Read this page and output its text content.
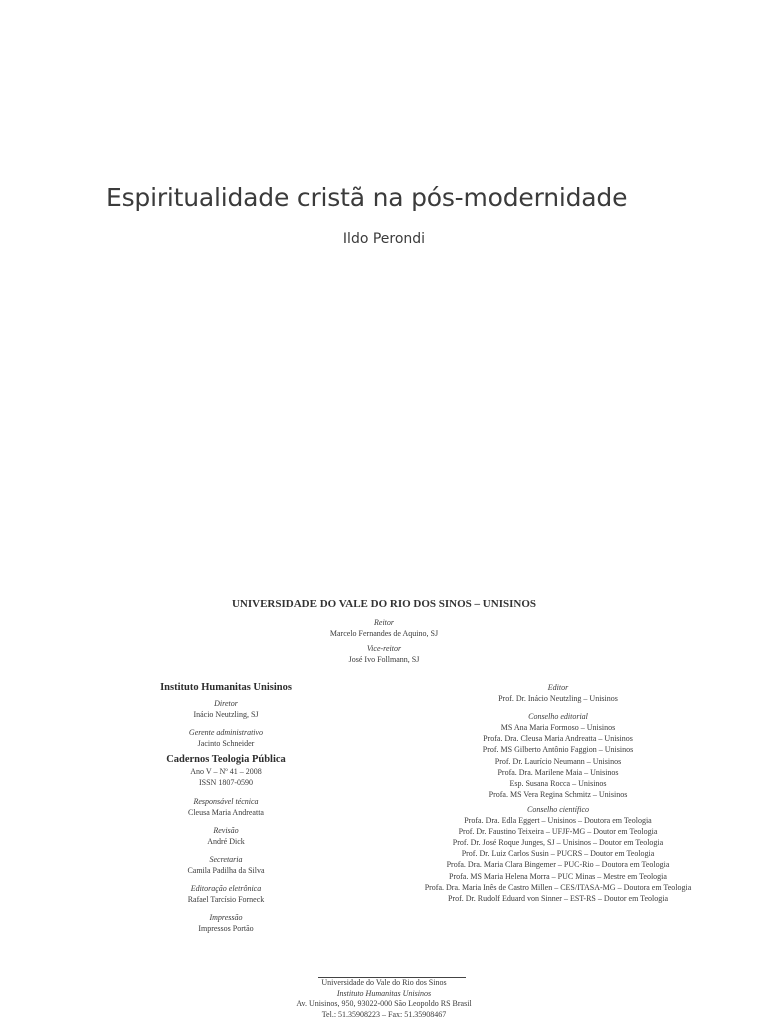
Espiritualidade cristã na pós-modernidade
Ildo Perondi
UNIVERSIDADE DO VALE DO RIO DOS SINOS – UNISINOS
Reitor
Marcelo Fernandes de Aquino, SJ
Vice-reitor
José Ivo Follmann, SJ
Instituto Humanitas Unisinos
Diretor
Inácio Neutzling, SJ
Gerente administrativo
Jacinto Schneider
Cadernos Teologia Pública
Ano V – Nº 41 – 2008
ISSN 1807-0590
Responsável técnica
Cleusa Maria Andreatta
Revisão
André Dick
Secretaria
Camila Padilha da Silva
Editoração eletrônica
Rafael Tarcísio Forneck
Impressão
Impressos Portão
Editor
Prof. Dr. Inácio Neutzling – Unisinos
Conselho editorial
MS Ana Maria Formoso – Unisinos
Profa. Dra. Cleusa Maria Andreatta – Unisinos
Prof. MS Gilberto Antônio Faggion – Unisinos
Prof. Dr. Laurício Neumann – Unisinos
Profa. Dra. Marilene Maia – Unisinos
Esp. Susana Rocca – Unisinos
Profa. MS Vera Regina Schmitz – Unisinos
Conselho científico
Profa. Dra. Edla Eggert – Unisinos – Doutora em Teologia
Prof. Dr. Faustino Teixeira – UFJF-MG – Doutor em Teologia
Prof. Dr. José Roque Junges, SJ – Unisinos – Doutor em Teologia
Prof. Dr. Luiz Carlos Susin – PUCRS – Doutor em Teologia
Profa. Dra. Maria Clara Bingemer – PUC-Rio – Doutora em Teologia
Profa. MS Maria Helena Morra – PUC Minas – Mestre em Teologia
Profa. Dra. Maria Inês de Castro Millen – CES/ITASA-MG – Doutora em Teologia
Prof. Dr. Rudolf Eduard von Sinner – EST-RS – Doutor em Teologia
Universidade do Vale do Rio dos Sinos
Instituto Humanitas Unisinos
Av. Unisinos, 950, 93022-000 São Leopoldo RS Brasil
Tel.: 51.35908223 – Fax: 51.35908467
